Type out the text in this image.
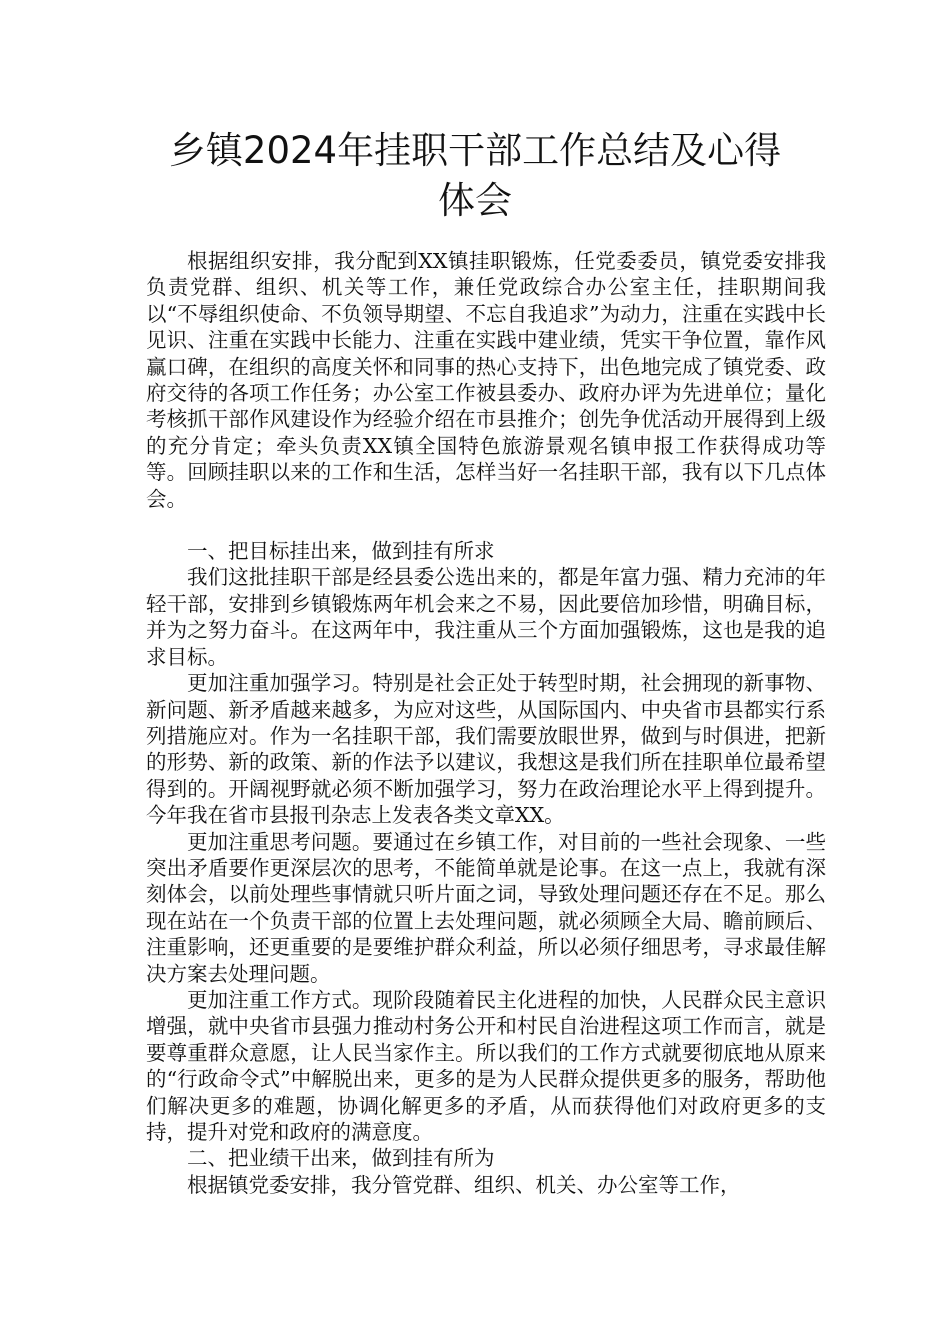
乡镇2024年挂职干部工作总结及心得
体会

根据组织安排，我分配到XX镇挂职锻炼，任党委委员，镇党委安排我负责党群、组织、机关等工作，兼任党政综合办公室主任，挂职期间我以“不辱组织使命、不负领导期望、不忘自我追求”为动力，注重在实践中长见识、注重在实践中长能力、注重在实践中建业绩，凭实干争位置，靠作风赢口碑，在组织的高度关怀和同事的热心支持下，出色地完成了镇党委、政府交待的各项工作任务；办公室工作被县委办、政府办评为先进单位；量化考核抓干部作风建设作为经验介绍在市县推介；创先争优活动开展得到上级的充分肯定；牵头负责XX镇全国特色旅游景观名镇申报工作获得成功等等。回顾挂职以来的工作和生活，怎样当好一名挂职干部，我有以下几点体会。

一、把目标挂出来，做到挂有所求

我们这批挂职干部是经县委公选出来的，都是年富力强、精力充沛的年轻干部，安排到乡镇锻炼两年机会来之不易，因此要倍加珍惜，明确目标，并为之努力奋斗。在这两年中，我注重从三个方面加强锻炼，这也是我的追求目标。

更加注重加强学习。特别是社会正处于转型时期，社会拥现的新事物、新问题、新矛盾越来越多，为应对这些，从国际国内、中央省市县都实行系列措施应对。作为一名挂职干部，我们需要放眼世界，做到与时俱进，把新的形势、新的政策、新的作法予以建议，我想这是我们所在挂职单位最希望得到的。开阔视野就必须不断加强学习，努力在政治理论水平上得到提升。今年我在省市县报刊杂志上发表各类文章XX。

更加注重思考问题。要通过在乡镇工作，对目前的一些社会现象、一些突出矛盾要作更深层次的思考，不能简单就是论事。在这一点上，我就有深刻体会，以前处理些事情就只听片面之词，导致处理问题还存在不足。那么现在站在一个负责干部的位置上去处理问题，就必须顾全大局、瞻前顾后、注重影响，还更重要的是要维护群众利益，所以必须仔细思考，寻求最佳解决方案去处理问题。

更加注重工作方式。现阶段随着民主化进程的加快，人民群众民主意识增强，就中央省市县强力推动村务公开和村民自治进程这项工作而言，就是要尊重群众意愿，让人民当家作主。所以我们的工作方式就要彻底地从原来的“行政命令式”中解脱出来，更多的是为人民群众提供更多的服务，帮助他们解决更多的难题，协调化解更多的矛盾，从而获得他们对政府更多的支持，提升对党和政府的满意度。

二、把业绩干出来，做到挂有所为

根据镇党委安排，我分管党群、组织、机关、办公室等工作，
